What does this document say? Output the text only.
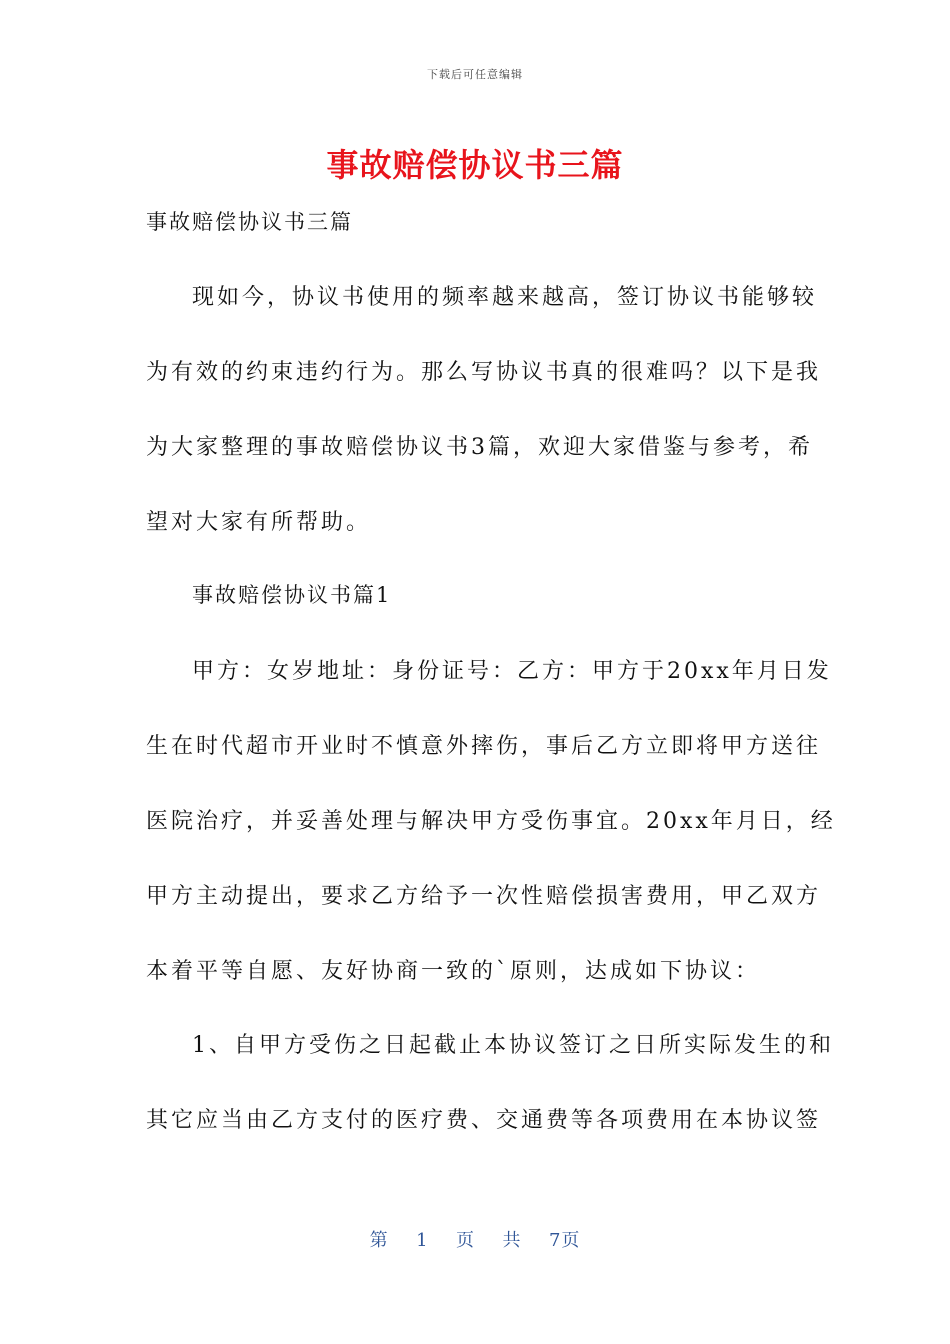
下载后可任意编辑
事故赔偿协议书三篇

事故赔偿协议书三篇

现如今，协议书使用的频率越来越高，签订协议书能够较

为有效的约束违约行为。那么写协议书真的很难吗？以下是我

为大家整理的事故赔偿协议书3篇，欢迎大家借鉴与参考，希

望对大家有所帮助。

事故赔偿协议书篇1

甲方：女岁地址：身份证号：乙方：甲方于20xx年月日发

生在时代超市开业时不慎意外摔伤，事后乙方立即将甲方送往

医院治疗，并妥善处理与解决甲方受伤事宜。20xx年月日，经

甲方主动提出，要求乙方给予一次性赔偿损害费用，甲乙双方

本着平等自愿、友好协商一致的`原则，达成如下协议：

1、自甲方受伤之日起截止本协议签订之日所实际发生的和

其它应当由乙方支付的医疗费、交通费等各项费用在本协议签

第 1 页 共 7页
